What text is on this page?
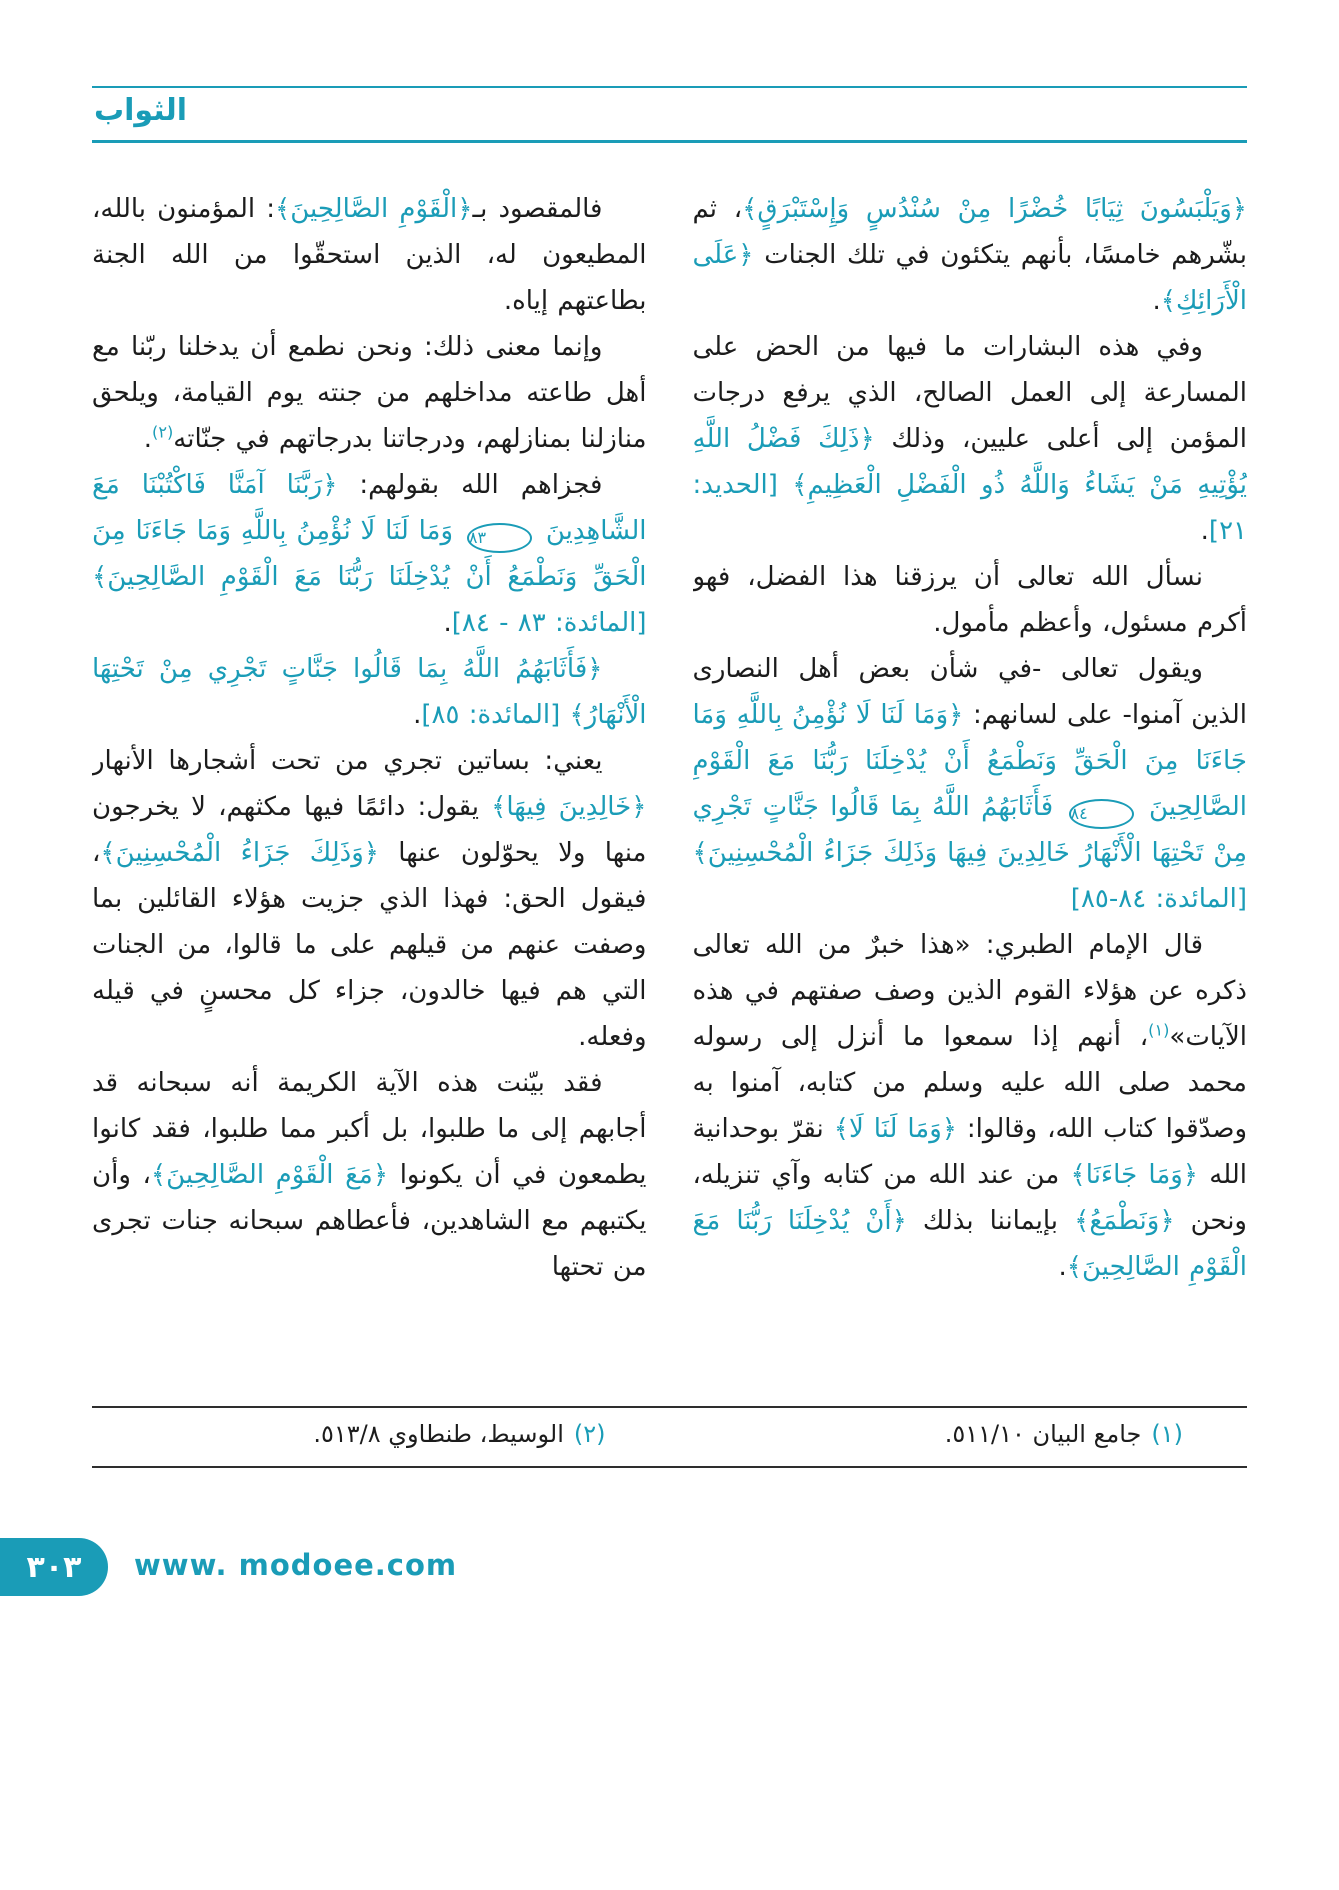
الثواب

﴿وَيَلْبَسُونَ ثِيَابًا خُضْرًا مِنْ سُنْدُسٍ وَإِسْتَبْرَقٍ﴾، ثم بشّرهم خامسًا، بأنهم يتكئون في تلك الجنات ﴿عَلَى الْأَرَائِكِ﴾.

وفي هذه البشارات ما فيها من الحض على المسارعة إلى العمل الصالح، الذي يرفع درجات المؤمن إلى أعلى عليين، وذلك ﴿ذَلِكَ فَضْلُ اللَّهِ يُؤْتِيهِ مَنْ يَشَاءُ وَاللَّهُ ذُو الْفَضْلِ الْعَظِيمِ﴾ [الحديد: ٢١].

نسأل الله تعالى أن يرزقنا هذا الفضل، فهو أكرم مسئول، وأعظم مأمول.

ويقول تعالى -في شأن بعض أهل النصارى الذين آمنوا- على لسانهم: ﴿وَمَا لَنَا لَا نُؤْمِنُ بِاللَّهِ وَمَا جَاءَنَا مِنَ الْحَقِّ وَنَطْمَعُ أَنْ يُدْخِلَنَا رَبُّنَا مَعَ الْقَوْمِ الصَّالِحِينَ ٨٤ فَأَثَابَهُمُ اللَّهُ بِمَا قَالُوا جَنَّاتٍ تَجْرِي مِنْ تَحْتِهَا الْأَنْهَارُ خَالِدِينَ فِيهَا وَذَلِكَ جَزَاءُ الْمُحْسِنِينَ﴾ [المائدة: ٨٤-٨٥]

قال الإمام الطبري: «هذا خبرٌ من الله تعالى ذكره عن هؤلاء القوم الذين وصف صفتهم في هذه الآيات»$^{(١)}$، أنهم إذا سمعوا ما أنزل إلى رسوله محمد صلى الله عليه وسلم من كتابه، آمنوا به وصدّقوا كتاب الله، وقالوا: ﴿وَمَا لَنَا لَا﴾ نقرّ بوحدانية الله ﴿وَمَا جَاءَنَا﴾ من عند الله من كتابه وآي تنزيله، ونحن ﴿وَنَطْمَعُ﴾ بإيماننا بذلك ﴿أَنْ يُدْخِلَنَا رَبُّنَا مَعَ الْقَوْمِ الصَّالِحِينَ﴾.

فالمقصود بـ﴿الْقَوْمِ الصَّالِحِينَ﴾: المؤمنون بالله، المطيعون له، الذين استحقّوا من الله الجنة بطاعتهم إياه.

وإنما معنى ذلك: ونحن نطمع أن يدخلنا ربّنا مع أهل طاعته مداخلهم من جنته يوم القيامة، ويلحق منازلنا بمنازلهم، ودرجاتنا بدرجاتهم في جنّاته$^{(٢)}$.

فجزاهم الله بقولهم: ﴿رَبَّنَا آمَنَّا فَاكْتُبْنَا مَعَ الشَّاهِدِينَ ٨٣ وَمَا لَنَا لَا نُؤْمِنُ بِاللَّهِ وَمَا جَاءَنَا مِنَ الْحَقِّ وَنَطْمَعُ أَنْ يُدْخِلَنَا رَبُّنَا مَعَ الْقَوْمِ الصَّالِحِينَ﴾ [المائدة: ٨٣ - ٨٤].

﴿فَأَثَابَهُمُ اللَّهُ بِمَا قَالُوا جَنَّاتٍ تَجْرِي مِنْ تَحْتِهَا الْأَنْهَارُ﴾ [المائدة: ٨٥].

يعني: بساتين تجري من تحت أشجارها الأنهار ﴿خَالِدِينَ فِيهَا﴾ يقول: دائمًا فيها مكثهم، لا يخرجون منها ولا يحوّلون عنها ﴿وَذَلِكَ جَزَاءُ الْمُحْسِنِينَ﴾، فيقول الحق: فهذا الذي جزيت هؤلاء القائلين بما وصفت عنهم من قيلهم على ما قالوا، من الجنات التي هم فيها خالدون، جزاء كل محسنٍ في قيله وفعله.

فقد بيّنت هذه الآية الكريمة أنه سبحانه قد أجابهم إلى ما طلبوا، بل أكبر مما طلبوا، فقد كانوا يطمعون في أن يكونوا ﴿مَعَ الْقَوْمِ الصَّالِحِينَ﴾، وأن يكتبهم مع الشاهدين، فأعطاهم سبحانه جنات تجرى من تحتها

(١)جامع البيان ٥١١/١٠.
(٢)الوسيط، طنطاوي ٥١٣/٨.
٣٠٣ www. modoee.com
